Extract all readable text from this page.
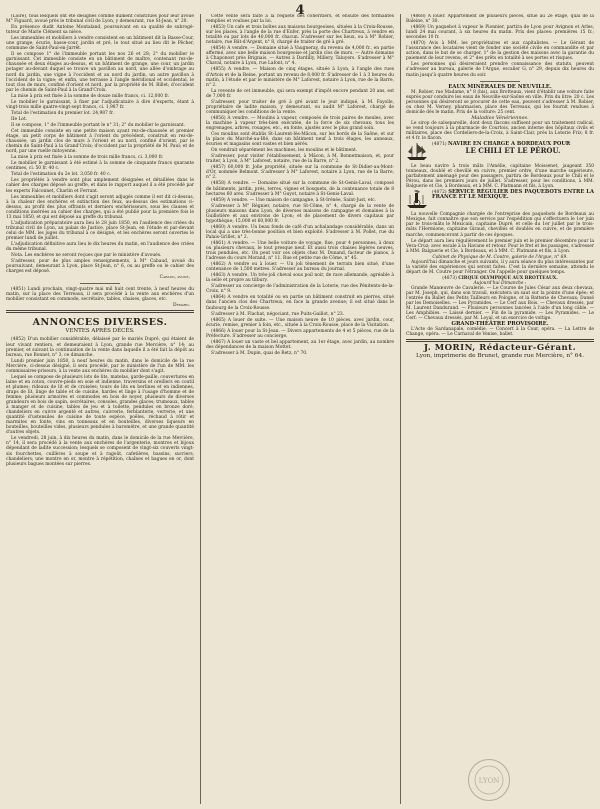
4

(Loire), tous lesquels ont été désignés comme dûment constitués pour leur avoué M° Figuard, avoué près le tribunal civil de Lyon, y demeurant, rue St-Jean, n° 20.

En présence dudit Antoine Montaland, poursuivant en sa qualité de subrogé-tuteur de Marie Clément sa nièce.

Les immeubles et mobiliers à vendre consistent en un bâtiment dit la Basse-Cour, une grange, écurie, basse-cour, jardin et pré, le tout situé au lieu dit le Pêcher, commune de Saint-Paul-en-Jarrêt.

Il se compose 1° de l'immeuble portant les nos 26 et 28; 2° du mobilier le garnissant. Cet immeuble consiste en un bâtiment de maître, contenant rez-de-chaussée et deux étages au-dessus, et un bâtiment de grange, une cour, un jardin potager au-devant duquel se trouve un pavillon au nord, une allée d'ombrage au nord du jardin, une vigne à l'occident et au nord du jardin, un autre pavillon à l'occident de la vigne; et enfin, une terrasse à l'angle méridional et occidental, le tout clos de murs, confiné d'orient et nord, par la propriété de M. Billet; d'occident par le chemin de Saint-Paul à la Grand'Croix.

La mise à prix est fixée à la somme de douze mille francs, ci. 12,000 fr.

Le mobilier le garnissant, à fixer par l'adjudicataire à dire d'experts, étant à vingt-trois mille quatre-vingt-sept francs, ci. 1,987 fr.

Total de l'estimation du premier lot. 24,987 fr.

IIe Lot.

Il se compose, 1° de l'immeuble portant le n° 31; 2° du mobilier le garnissant.

Cet immeuble consiste en une petite maison ayant rez-de-chaussée et premier étage, un petit corps de bâtiment à l'orient du précédent, construit en rez-de-chaussée, un jardin clos de murs à l'orient et au nord, confiné d'orient, par le chemin de Saint-Paul à la Grand'Croix; d'occident par la propriété de M. Paul; et de nord, par une ruelle mitoyenne.

La mise à prix est fixée à la somme de trois mille francs, ci. 3,000 fr.

Le mobilier le garnissant à été estimé à la somme de cinquante francs quarante centimes, ci. 50 fr. 40 c.

Total de l'estimation du 2e lot. 3,050 fr. 40 c.

Les propriétés à vendre sont plus amplement désignées et détaillées dans le cahier des charges déposé au greffe, et dans le rapport auquel il a été procédé par les experts Falconnet, Charlin et Ferrant.

Les immeubles et mobiliers dont s'agit seront adjugés comme il est dit ci-dessus, à la chaleur des enchères et extinction des feux, au-dessus des estimations ci-dessus, au profit des plus offrants et derniers enchérisseurs, sous les clauses et conditions insérées au cahier des charges, qui a été publié pour la première fois le 13 mai 1850, et qui est déposé au greffe du tribunal.

L'adjudication préparatoire aura lieu le 28 juin 1850, en l'audience des criées du tribunal civil de Lyon, au palais de Justice, place St-Jean, en l'étude et par-devant celui de MM. les juges du tribunal à ce désigné, et les enchères seront ouvertes le premier lundi de juillet.

L'adjudication définitive aura lieu le dix heures du matin, en l'audience des criées du même tribunal.

Nota. Les enchères ne seront reçues que par le ministère d'avoués.

S'adresser, pour de plus amples renseignements, à M° Cabaud, avoué du poursuivant, demeurant à Lyon, place St-Jean, n° 6, ou au greffe ou le cahier des charges est déposé.

Cabaud, avoué.

(4851) Lundi prochain, vingt-quatre mai mil huit cent trente, à neuf heures du matin, sur la place des Terreaux, il sera procédé à la vente aux enchères d'un mobilier consistant en commode, secrétaire, tables, chaises, glaces, etc.

Demard.
ANNONCES DIVERSES.
VENTES APRÈS DÉCÈS.

(4852) D'un mobilier considérable, délaissé par le mariés Dupré, qui étaient de leur vivant rentiers, et demeuraient à Lyon, grande rue Mercière, n° 14; au premier, et suivant la continuation de la vente dans laquelle il a été fait la dépôt au bureau, rue Bonnet, n° 3, ce dimanche.

Lundi premier juin 1850, à neuf heures du matin, dans le domicile de la rue Mercière, ci-dessus désigné, il sera procédé, par le ministère de l'un de MM. les commissaires-priseurs, à la vente aux enchères du mobilier dont s'agit.

Lequel se compose de plusieurs lots de lits, matelas, garde-paille, couvertures en laine et en coton, couvre-pieds en soie et indienne, traversins et oreillers en coutil et plumes; rideaux de lit et de croisées; tours de lits en berlines et en indiennes, draps de lit, linge de table et de cuisine, hardes et linge à l'usage d'homme et de femme; plusieurs armoires et commodes en bois de noyer, plusieurs de diverses grandeurs en bois de sapin, secrétaires, consoles, grandes glaces; trumeaux, tables à manger et de cuisine, tables de jeu et à toilette, pendules en bronze doré, chandeliers en cuivre argenté et autres, cuivrerie, ferblanterie, verrerie, et une quantité d'ustensiles de cuisine de toute espèce, poêles, réchaud à rôtir et marmites en fonte, vins en tonneaux et en bouteilles, diverses liqueurs en bouteilles, bouteilles vides, plusieurs pendules à barométre, et une grande quantité d'autres objets.

Le vendredi, 28 juin, à dix heures du matin, dans le domicile de la rue Mercière, n° 14, il sera procédé à la vente aux enchères de l'argenterie, montres et bijoux dépendant de ladite succession; lesquels se composent de vingt-six couverts vingt-six fourchettes, cuillères à soupe et à ragoût, cafetières, bassins, sucriers, chandeliers; une montre en or, montre à répétition, chaînes et bagues en or, dont plusieurs bagues montées sur pierres.

Cette vente sera faite à la requête des cohéritiers, et ensuite des formalités remplies et voulues par la loi.

(4853) Un cafe et trois boîtes aux maisons bourgeoises, situées à la Croix-Rousse, sur les places, à l'angle de la rue d'Enfer, près la porte des Chartreux, à vendre en totalité ou par lots de 40,000 fr. chacun. S'adresser sur les lieux, ou à M° Robier, notaire, rue Bât-d'Argent, n° 8, chargé de traiter de gré à gré.

(4854) A vendre. — Domaine situé à Vaugneray, du revenu de 4,000 fr., en partie affermé, avec une belle maison bourgeoise et jardin clos de murs. — Autre domaine à Chaponost près Brignais. — Autres à Dardilly, Millery, Taluyers. S'adresser à M° Chaval, notaire à Lyon, rue Lafont, n° 4.

(4855) A vendre. — Maison de cinq étages, située à Lyon, à l'angle des rues d'Artois et de la Reine, portant un revenu de 8,000 fr. S'adresser de 1 à 3 heures du matin, à l'étude et par le ministère de M° Laforest, notaire à Lyon, rue de la Barre, n° 2.

La revente de cet immeuble, qui sera exempt d'impôt encore pendant 20 ans, est de 7,000 fr.

S'adresser, pour traiter de gré à gré avant le jour indiqué, à M. Fayolle, propriétaire de ladite maison, y demeurant, ou audit M° Laforest, chargé de communiquer les conditions de la vente.

(4856) A vendre. — Moulins à vapeur, composés de trois paires de meules, avec la machine à vapeur très-bien exécutée, de la force de six chevaux; tous les engrenages, arbres, rouages, etc., en fonte, ajustés avec le plus grand soin.

Ces moulins sont établis St-Laurent-lès-Mâcon, sur les bords de la Saône, et sur la place du Marché-au-Blé, dans un bâtiment neuf à trois étages, les anneaux, écuries et magasins sont vastes et bien aérés.

On vendrait séparément les machines, les moulins et le bâtiment.

S'adresser, pour visiter l'établissement, à Mâcon, à M. Bonnetmaison, et, pour traiter, à Lyon, à M° Laforest, notaire, rue de la Barre, n° 2.

(4857) 60,000 fr. Jolie propriété, située sur la commune de St-Didier-au-Mont-d'Or, nommée Belmont. S'adresser à M° Laforest, notaire à Lyon, rue de la Barre, n° 2.

(4858) A vendre. — Domaine situé sur la commune de St-Genis-Laval, composé de bâtiments, jardin, prés, terres, vignes et bosquets, de la contenance totale de 8 hectares 60 ares. S'adresser à M° Guyot, notaire à St-Genis-Laval.

(4859) A vendre. — Une maison de campagne, à St-Irénée, Saint-Just, etc.

S'adresser à M° Régnier, notaire, rue St-Côme, n° 4, chargé de la vente de plusieurs maisons dans Lyon, de diverses maisons de campagne et domaines à la Guillotière et aux environs de Lyon; et de placement de divers capitaux par hypothèque; 15,000 et 60,000 fr.

(4860) A vendre. Un beau fonds de café d'un achalandage considérable, dans un local qui a une très-bonne position et bien exploité. S'adresser à M. Pollet, rue du Palais-Grillet, n° 2.

(4861) A vendre. — Une belle voiture de voyage, fixe, pour 4 personnes, à deux ou plusieurs chevaux, le tout presque neuf. Et aussi trois chaises légères neuves, trois pendules, etc. On peut voir ces objets chez M. Dunand, facteur de pianos, à l'adresse du cours Morand, n° 11. Rue et petite rue de Côme, n° 45.

(4862) A vendre ou à louer. — Un joli tènement de terrain bien situé, d'une contenance de 1,500 mètres. S'adresser au bureau du journal.

(4863) A vendre. Un très-joli cheval sous poil noir, de race allemande, agréable à la selle et propre au tilbury.

S'adresser au concierge de l'administration de la Loterie, rue des Pénitents-de-la-Croix, n° 9.

(4864) A vendre en totalité ou en partie un bâtiment construit en pierres, situé dans l'ancien clos des Chartreux, en face la grande avenue; il est situé dans le faubourg de la Croix-Rousse.

S'adresser à M. Flachat, négociant, rue Puits-Gaillot, n° 23.

(4865) A louer de suite. — Une maison neuve de 10 pièces, avec jardin, cour, écurie, remise, grenier à foin, etc., située à la Croix-Rousse, place de la Visitation.

(4866) A louer pour la St-Jean. — Divers appartements de 4 et 5 pièces, rue de la Préfecture. S'adresser au concierge.

(4867) A louer un vaste et bel appartement, au 1er étage, avec jardin, au nombre des dépendances de la maison Mottet.

S'adresser à M. Dupin, quai de Retz, n° 70.

(4868) A louer. Appartement de plusieurs pièces, situé au 2e étage, quai de la Baleine, n° 30.

(4869) Un paquebot à vapeur le Pionnier, partira de Lyon pour Avignon et Arles, lundi 24 mai courant, à six heures du matin. Prix des places: premières 15 fr.; secondes 10 fr.

(4870) Avis à MM. les propriétaires et aux capitalistes. — Le Gérant de l'assurance des locataires vient de fonder une société civile en commandite et par action, dans le but de se charger, 1° de la gestion des maisons avec la garantie du paiement de leur revenu, et 2° des prêts en totalité à ses pertes et risques.

Les personnes qui désireraient prendre connaissance des statuts, peuvent s'adresser au bureau, galerie de l'Argue, escalier G, n° 29, depuis dix heures du matin jusqu'à quatre heures du soir.

EAUX MINÉRALES DE NEUVILLE.

M. Robier, rue Madame, n° 8 (bis), aux Brotteaux, vient d'établir une voiture faite exprès pour conduire les eaux de Neuville-sur-Saône en ville. Prix du litre: 20 c. Les personnes qui désireront se procurer de cette eau, peuvent s'adresser à M. Robier, ou chez M. Verney, pharmacien, place des Terreaux, qui les fournit rendues à domicile dès le matin. Prix de la voiture: 25 cent.

Maladies Vénériennes.

Le sirop de salsepareille, dont deux flacons suffisent pour un traitement radical, se vend toujours à la pharmacie de Courtois, ancien interne des hôpitaux civils et militaires, place des Cordeliers-de-la-Croix, à Saint-Clair, près la Loterie Friz; 8 fr. et 4 fr. le flacon.

(4871) NAVIRE EN CHARGE A BORDEAUX POUR
LE CHILI ET LE PÉROU.

Le beau navire à trois mâts l'Amélie, capitaine Moissenet, jaugeant 350 tonneaux, doublé et chevillé en cuivre, premier ordre, d'une marche supérieure, parfaitement aménagé pour des passagers, partira de Bordeaux pour le Chili et le Pérou, dans les premiers jours de juillet. S'adresser, pour les conditions, à MM. Balguerie et Cie, à Bordeaux, et à MM. C. Platmann et fils, à Lyon.

(4872) SERVICE RÉGULIER DES PAQUEBOTS ENTRE LA FRANCE ET LE MEXIQUE.

La nouvelle Compagnie chargée de l'entreprise des paquebots de Bordeaux au Mexique, fait connaître que son service par l'expédition qui s'effectuera le 1er juin par le trois-mâts le Mexicain, capitaine Dupré, et celle du 1er juillet par le trois-mâts l'Hermione, capitaine Giraud, chevillés et doublés en cuivre, et de première marche, commenceront à partir de ces époques.

Le départ aura lieu régulièrement le premier juin et le premier décembre pour la Vera-Cruz; avec escale à la Havane et retour. Pour le fret et les passages, s'adresser à MM. Balguerie et Cie, à Bordeaux, et à MM. C. Platmann et fils, à Lyon.

Cabinet de Physique de M. Coutre, galerie de l'Argue, n° 69.

Aujourd'hui dimanche et jours suivants, il y aura séance du plus intéressantes par la variété des expériences qui seront faites. C'est la dernière semaine, attendu le départ de M. Coutre pour l'étranger. On l'appelle pour quelques temps.

(4873) CIRQUE OLYMPIQUE AUX BROTTEAUX.
Aujourd'hui Dimanche :

Grande Manœuvre de Cavalerie. — Le Course de Jules César aux deux chevaux, par M. Joseph, qui, dans son travail, exécutera un saut sur la pointe d'une épée; et l'entrée du Ballet des Petits Tailleurs en Pologne, et la Batterie de Chevaux; Dansé par les Demoiselles. — Les Pyramides. — Le Cerf aux Bois. — Chevaux dressés, par M. Laurent Dandurand. — Plusieurs personnes lancées à l'aide d'un long câble. — Les Amphibies. — Laissé dernier. — Fin de la pyramide. — Les Pyramides. — Le Cerf. — Chevaux dressés, par M. Loyal, et un exercice de voltige.

GRAND-THÉÂTRE PROVISOIRE.

L'Acte de Sardanapale, comédie. — Concert à la Cour, opéra. — La Lettre de Change, opéra. — Le Carnaval de Venise, ballet.

J. MORIN, Rédacteur-Gérant.
Lyon, imprimerie de Brunet, grande rue Mercière, n° 64.
LYON
